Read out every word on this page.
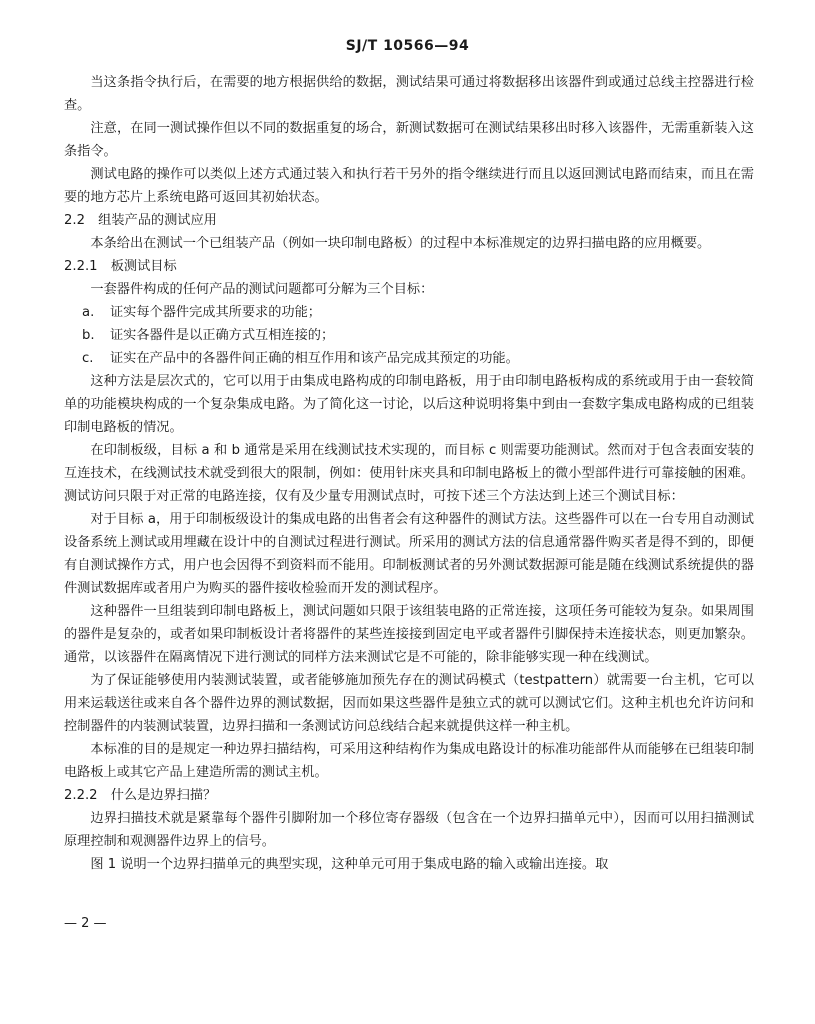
SJ/T 10566—94

当这条指令执行后，在需要的地方根据供给的数据，测试结果可通过将数据移出该器件到或通过总线主控器进行检查。

注意，在同一测试操作但以不同的数据重复的场合，新测试数据可在测试结果移出时移入该器件，无需重新装入这条指令。

测试电路的操作可以类似上述方式通过装入和执行若干另外的指令继续进行而且以返回测试电路而结束，而且在需要的地方芯片上系统电路可返回其初始状态。

2.2　组装产品的测试应用

本条给出在测试一个已组装产品（例如一块印制电路板）的过程中本标准规定的边界扫描电路的应用概要。

2.2.1　板测试目标

一套器件构成的任何产品的测试问题都可分解为三个目标：

a. 证实每个器件完成其所要求的功能；

b. 证实各器件是以正确方式互相连接的；

c. 证实在产品中的各器件间正确的相互作用和该产品完成其预定的功能。

这种方法是层次式的，它可以用于由集成电路构成的印制电路板，用于由印制电路板构成的系统或用于由一套较简单的功能模块构成的一个复杂集成电路。为了简化这一讨论，以后这种说明将集中到由一套数字集成电路构成的已组装印制电路板的情况。

在印制板级，目标 a 和 b 通常是采用在线测试技术实现的，而目标 c 则需要功能测试。然而对于包含表面安装的互连技术，在线测试技术就受到很大的限制，例如：使用针床夹具和印制电路板上的微小型部件进行可靠接触的困难。测试访问只限于对正常的电路连接，仅有及少量专用测试点时，可按下述三个方法达到上述三个测试目标：

对于目标 a，用于印制板级设计的集成电路的出售者会有这种器件的测试方法。这些器件可以在一台专用自动测试设备系统上测试或用埋藏在设计中的自测试过程进行测试。所采用的测试方法的信息通常器件购买者是得不到的，即便有自测试操作方式，用户也会因得不到资料而不能用。印制板测试者的另外测试数据源可能是随在线测试系统提供的器件测试数据库或者用户为购买的器件接收检验而开发的测试程序。

这种器件一旦组装到印制电路板上，测试问题如只限于该组装电路的正常连接，这项任务可能较为复杂。如果周围的器件是复杂的，或者如果印制板设计者将器件的某些连接接到固定电平或者器件引脚保持未连接状态，则更加繁杂。通常，以该器件在隔离情况下进行测试的同样方法来测试它是不可能的，除非能够实现一种在线测试。

为了保证能够使用内装测试装置，或者能够施加预先存在的测试码模式（testpattern）就需要一台主机，它可以用来运载送往或来自各个器件边界的测试数据，因而如果这些器件是独立式的就可以测试它们。这种主机也允许访问和控制器件的内装测试装置，边界扫描和一条测试访问总线结合起来就提供这样一种主机。

本标准的目的是规定一种边界扫描结构，可采用这种结构作为集成电路设计的标准功能部件从而能够在已组装印制电路板上或其它产品上建造所需的测试主机。

2.2.2　什么是边界扫描？

边界扫描技术就是紧靠每个器件引脚附加一个移位寄存器级（包含在一个边界扫描单元中），因而可以用扫描测试原理控制和观测器件边界上的信号。

图 1 说明一个边界扫描单元的典型实现，这种单元可用于集成电路的输入或输出连接。取

— 2 —
